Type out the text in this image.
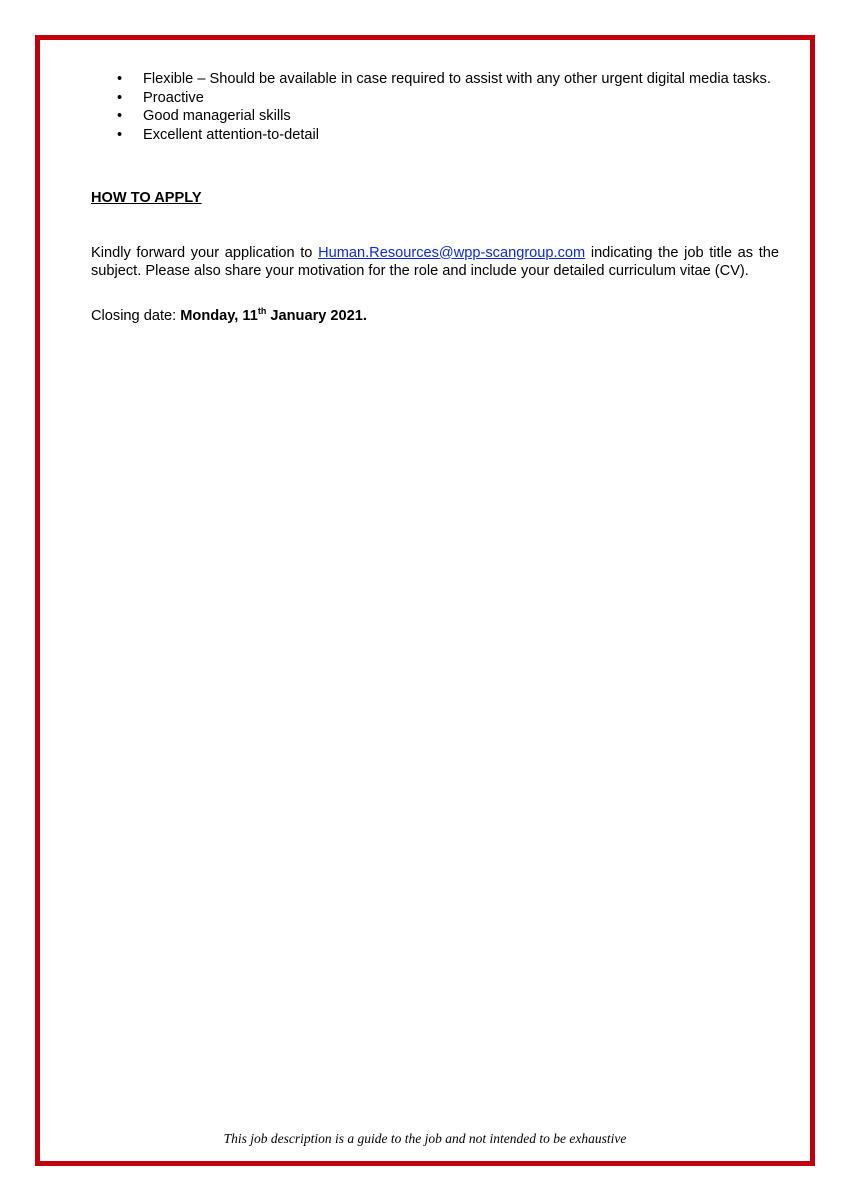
• Flexible – Should be available in case required to assist with any other urgent digital media tasks.
• Proactive
• Good managerial skills
• Excellent attention-to-detail
HOW TO APPLY

Kindly forward your application to Human.Resources@wpp-scangroup.com indicating the job title as the subject. Please also share your motivation for the role and include your detailed curriculum vitae (CV).

Closing date: Monday, 11th January 2021.

This job description is a guide to the job and not intended to be exhaustive
